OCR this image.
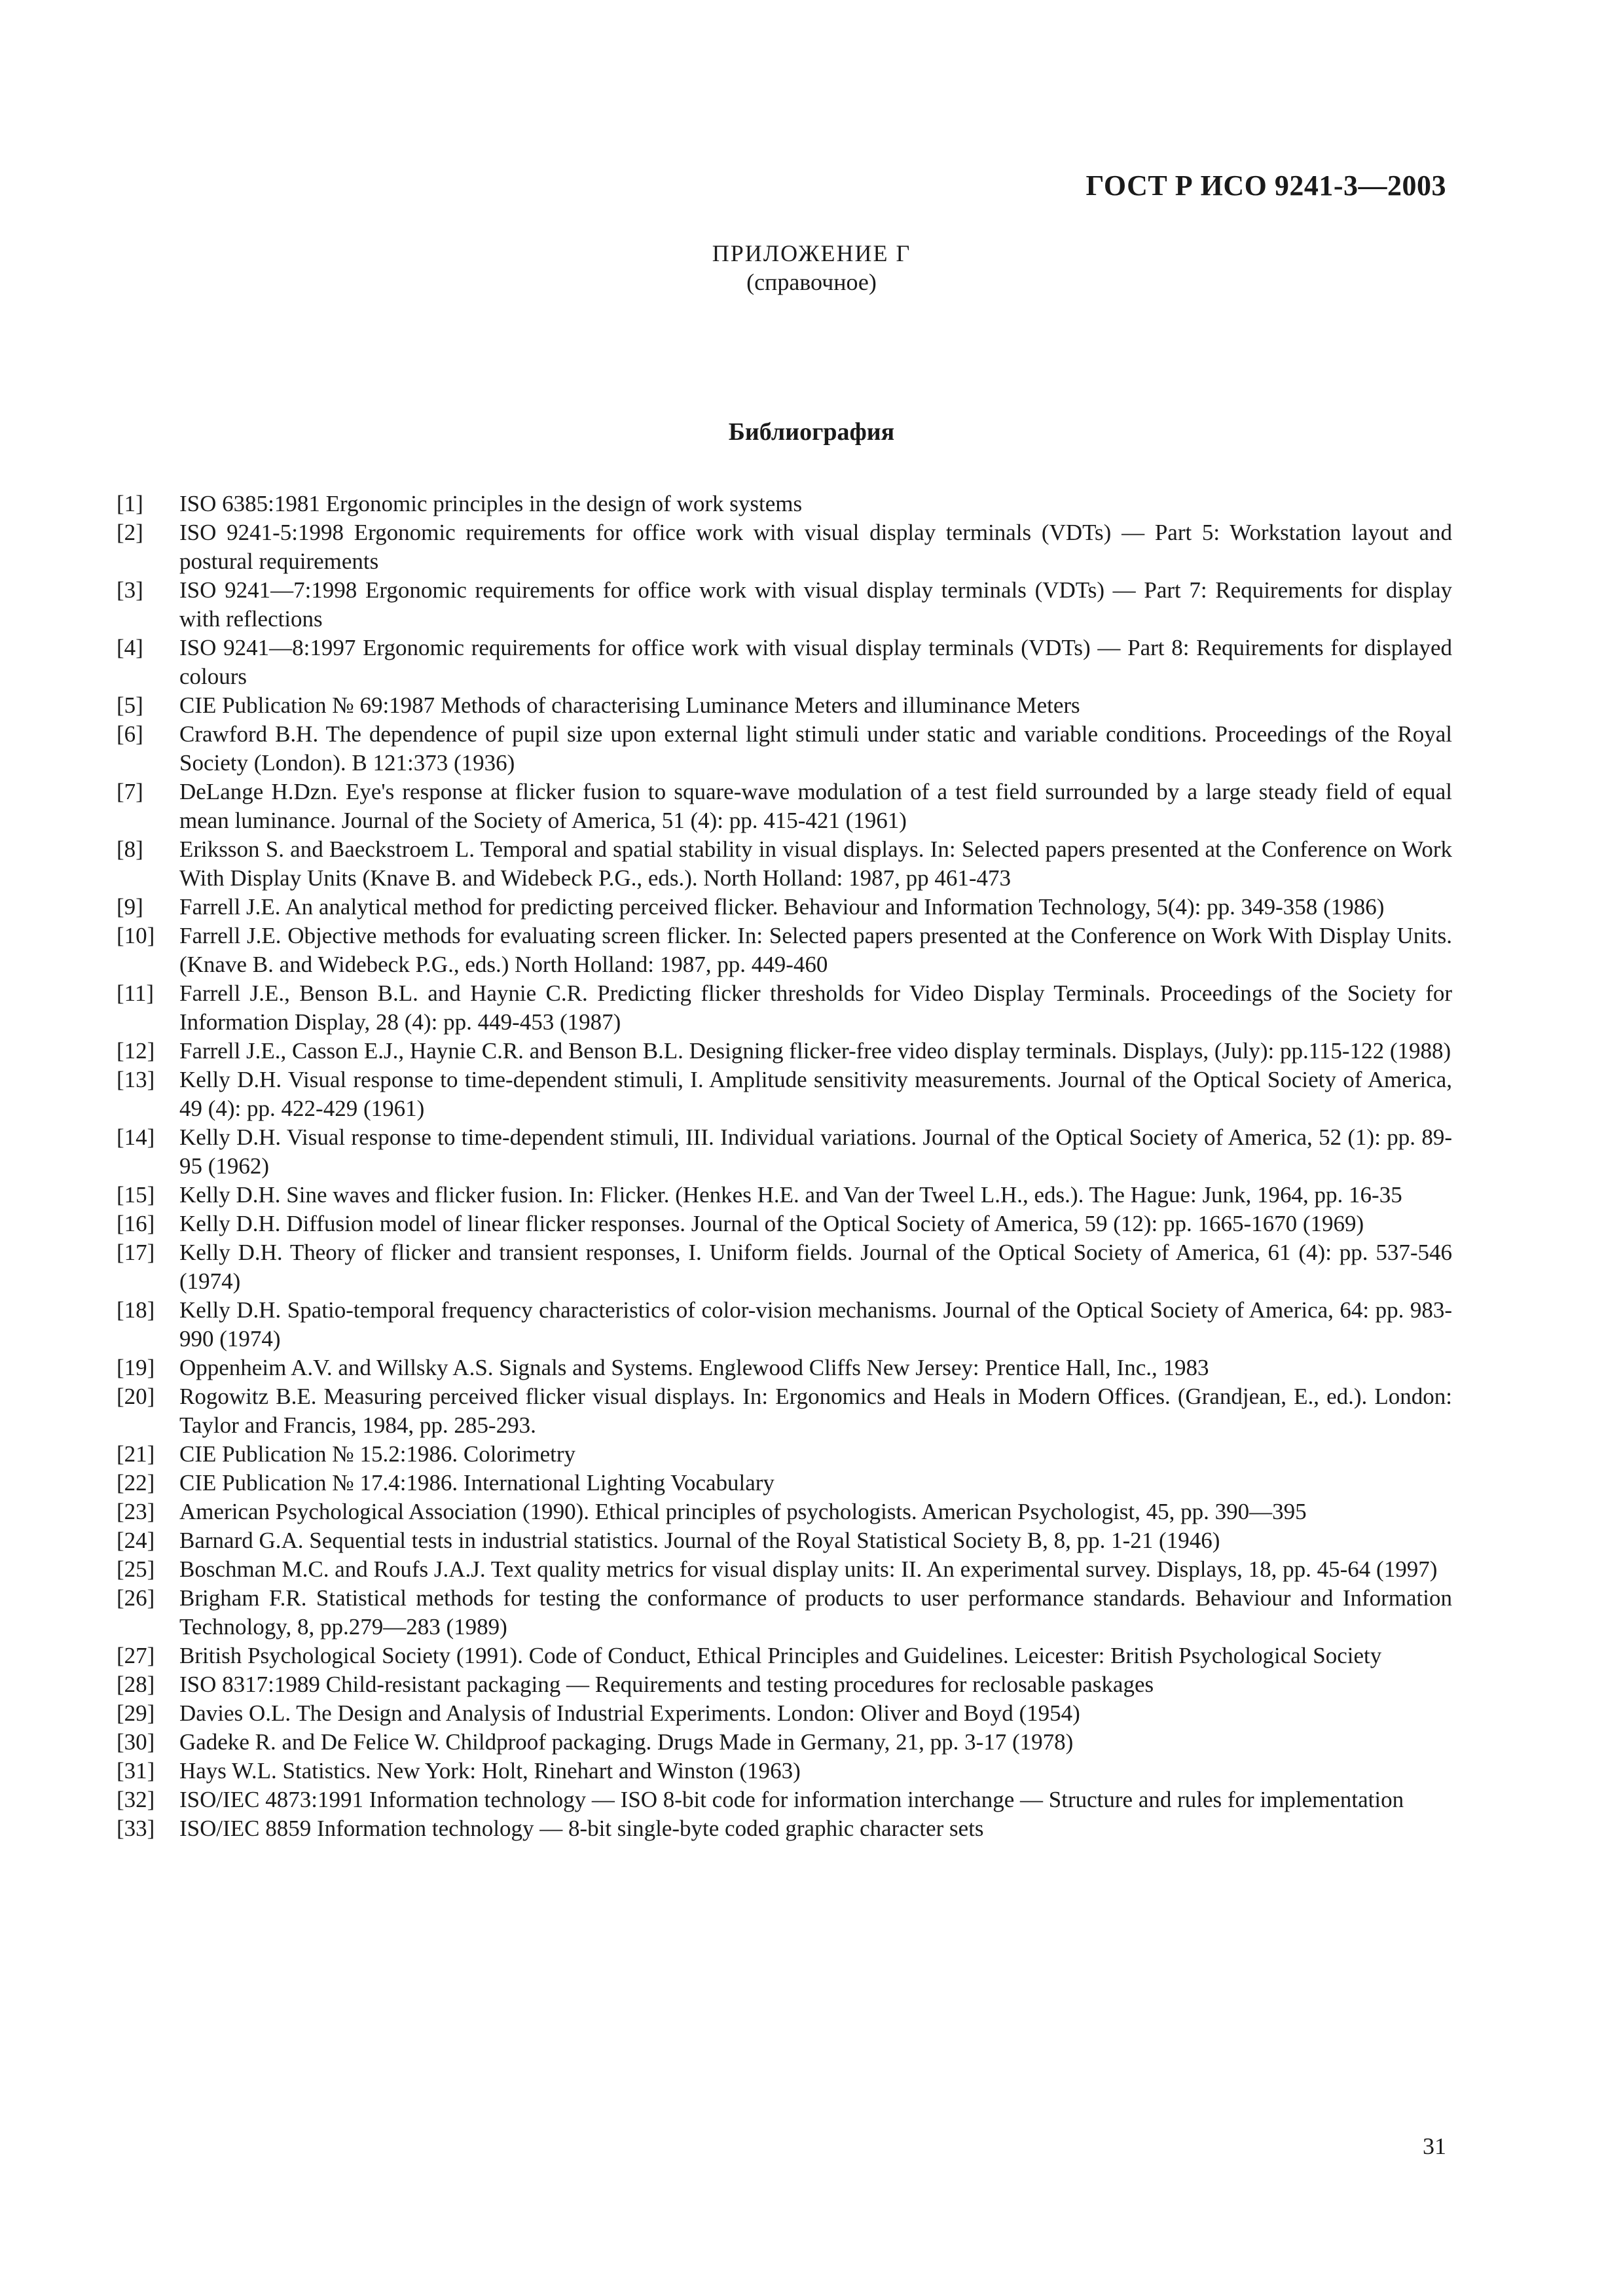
ГОСТ Р ИСО 9241-3—2003
ПРИЛОЖЕНИЕ Г
(справочное)
Библиография
[1]	ISO 6385:1981 Ergonomic principles in the design of work systems
[2]	ISO 9241-5:1998 Ergonomic requirements for office work with visual display terminals (VDTs) — Part 5: Workstation layout and postural requirements
[3]	ISO 9241—7:1998 Ergonomic requirements for office work with visual display terminals (VDTs) — Part 7: Requirements for display with reflections
[4]	ISO 9241—8:1997 Ergonomic requirements for office work with visual display terminals (VDTs) — Part 8: Requirements for displayed colours
[5]	CIE Publication № 69:1987 Methods of characterising Luminance Meters and illuminance Meters
[6]	Crawford B.H. The dependence of pupil size upon external light stimuli under static and variable conditions. Proceedings of the Royal Society (London). B 121:373 (1936)
[7]	DeLange H.Dzn. Eye's response at flicker fusion to square-wave modulation of a test field surrounded by a large steady field of equal mean luminance. Journal of the Society of America, 51 (4): pp. 415-421 (1961)
[8]	Eriksson S. and Baeckstroem L. Temporal and spatial stability in visual displays. In: Selected papers presented at the Conference on Work With Display Units (Knave B. and Widebeck P.G., eds.). North Holland: 1987, pp 461-473
[9]	Farrell J.E. An analytical method for predicting perceived flicker. Behaviour and Information Technology, 5(4): pp. 349-358 (1986)
[10]	Farrell J.E. Objective methods for evaluating screen flicker. In: Selected papers presented at the Conference on Work With Display Units. (Knave B. and Widebeck P.G., eds.) North Holland: 1987, pp. 449-460
[11]	Farrell J.E., Benson B.L. and Haynie C.R. Predicting flicker thresholds for Video Display Terminals. Proceedings of the Society for Information Display, 28 (4): pp. 449-453 (1987)
[12]	Farrell J.E., Casson E.J., Haynie C.R. and Benson B.L. Designing flicker-free video display terminals. Displays, (July): pp.115-122 (1988)
[13]	Kelly D.H. Visual response to time-dependent stimuli, I. Amplitude sensitivity measurements. Journal of the Optical Society of America, 49 (4): pp. 422-429 (1961)
[14]	Kelly D.H. Visual response to time-dependent stimuli, III. Individual variations. Journal of the Optical Society of America, 52 (1): pp. 89-95 (1962)
[15]	Kelly D.H. Sine waves and flicker fusion. In: Flicker. (Henkes H.E. and Van der Tweel L.H., eds.). The Hague: Junk, 1964, pp. 16-35
[16]	Kelly D.H. Diffusion model of linear flicker responses. Journal of the Optical Society of America, 59 (12): pp. 1665-1670 (1969)
[17]	Kelly D.H. Theory of flicker and transient responses, I. Uniform fields. Journal of the Optical Society of America, 61 (4): pp. 537-546 (1974)
[18]	Kelly D.H. Spatio-temporal frequency characteristics of color-vision mechanisms. Journal of the Optical Society of America, 64: pp. 983-990 (1974)
[19]	Oppenheim A.V. and Willsky A.S. Signals and Systems. Englewood Cliffs New Jersey: Prentice Hall, Inc., 1983
[20]	Rogowitz B.E. Measuring perceived flicker visual displays. In: Ergonomics and Heals in Modern Offices. (Grandjean, E., ed.). London: Taylor and Francis, 1984, pp. 285-293.
[21]	CIE Publication № 15.2:1986. Colorimetry
[22]	CIE Publication № 17.4:1986. International Lighting Vocabulary
[23]	American Psychological Association (1990). Ethical principles of psychologists. American Psychologist, 45, pp. 390—395
[24]	Barnard G.A. Sequential tests in industrial statistics. Journal of the Royal Statistical Society B, 8, pp. 1-21 (1946)
[25]	Boschman M.C. and Roufs J.A.J. Text quality metrics for visual display units: II. An experimental survey. Displays, 18, pp. 45-64 (1997)
[26]	Brigham F.R. Statistical methods for testing the conformance of products to user performance standards. Behaviour and Information Technology, 8, pp.279—283 (1989)
[27]	British Psychological Society (1991). Code of Conduct, Ethical Principles and Guidelines. Leicester: British Psychological Society
[28]	ISO 8317:1989 Child-resistant packaging — Requirements and testing procedures for reclosable paskages
[29]	Davies O.L. The Design and Analysis of Industrial Experiments. London: Oliver and Boyd (1954)
[30]	Gadeke R. and De Felice W. Childproof packaging. Drugs Made in Germany, 21, pp. 3-17 (1978)
[31]	Hays W.L. Statistics. New York: Holt, Rinehart and Winston (1963)
[32]	ISO/IEC 4873:1991 Information technology — ISO 8-bit code for information interchange — Structure and rules for implementation
[33]	ISO/IEC 8859 Information technology — 8-bit single-byte coded graphic character sets
31
